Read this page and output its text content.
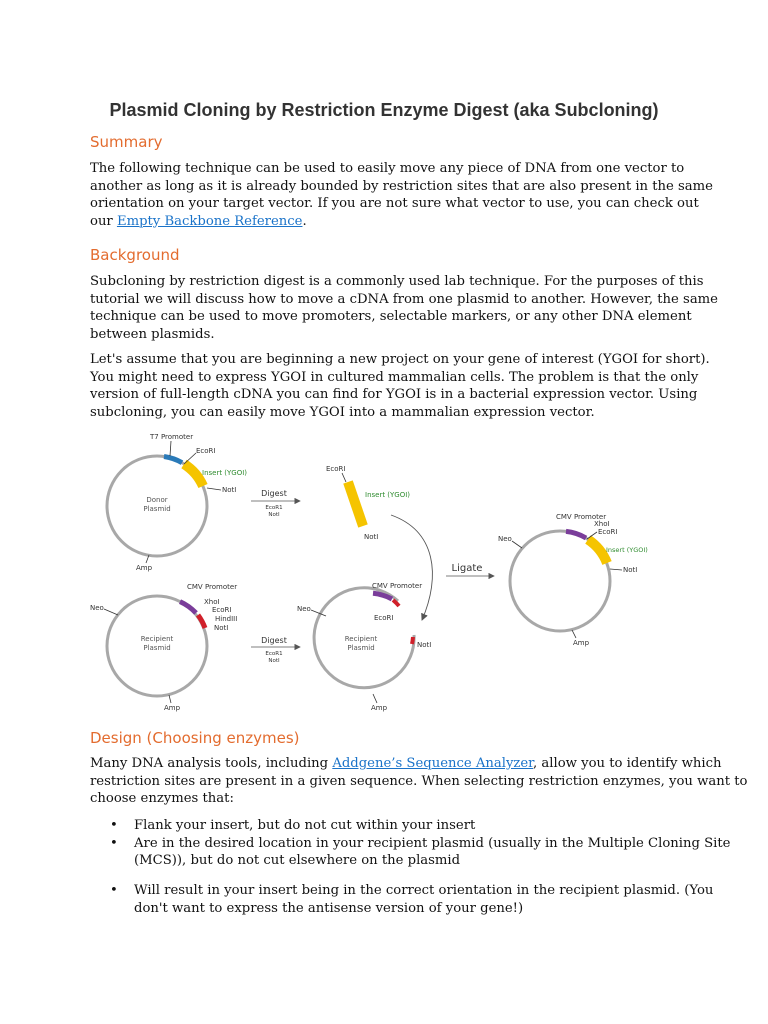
Plasmid Cloning by Restriction Enzyme Digest (aka Subcloning)
Summary

The following technique can be used to easily move any piece of DNA from one vector to
another as long as it is already bounded by restriction sites that are also present in the same
orientation on your target vector. If you are not sure what vector to use, you can check out
our Empty Backbone Reference.

Background

Subcloning by restriction digest is a commonly used lab technique. For the purposes of this
tutorial we will discuss how to move a cDNA from one plasmid to another. However, the same
technique can be used to move promoters, selectable markers, or any other DNA element
between plasmids.

Let's assume that you are beginning a new project on your gene of interest (YGOI for short).
You might need to express YGOI in cultured mammalian cells. The problem is that the only
version of full-length cDNA you can find for YGOI is in a bacterial expression vector. Using
subcloning, you can easily move YGOI into a mammalian expression vector.

T7 Promoter
EcoRI
Insert (YGOI)
NotI
Donor
Plasmid
Amp
Digest
EcoR1
NotI
EcoRI
Insert (YGOI)
NotI
Ligate
CMV Promoter
XhoI
EcoRI
Insert (YGOI)
NotI
Neo
Amp
CMV Promoter
XhoI
EcoRI
HindIII
NotI
Neo
Recipient
Plasmid
Amp
Digest
EcoR1
NotI
CMV Promoter
EcoRI
NotI
Neo
Recipient
Plasmid
Amp
Design (Choosing enzymes)

Many DNA analysis tools, including Addgene’s Sequence Analyzer, allow you to identify which
restriction sites are present in a given sequence. When selecting restriction enzymes, you want to
choose enzymes that:

• Flank your insert, but do not cut within your insert
• Are in the desired location in your recipient plasmid (usually in the Multiple Cloning Site
(MCS)), but do not cut elsewhere on the plasmid
• Will result in your insert being in the correct orientation in the recipient plasmid. (You
don't want to express the antisense version of your gene!)
